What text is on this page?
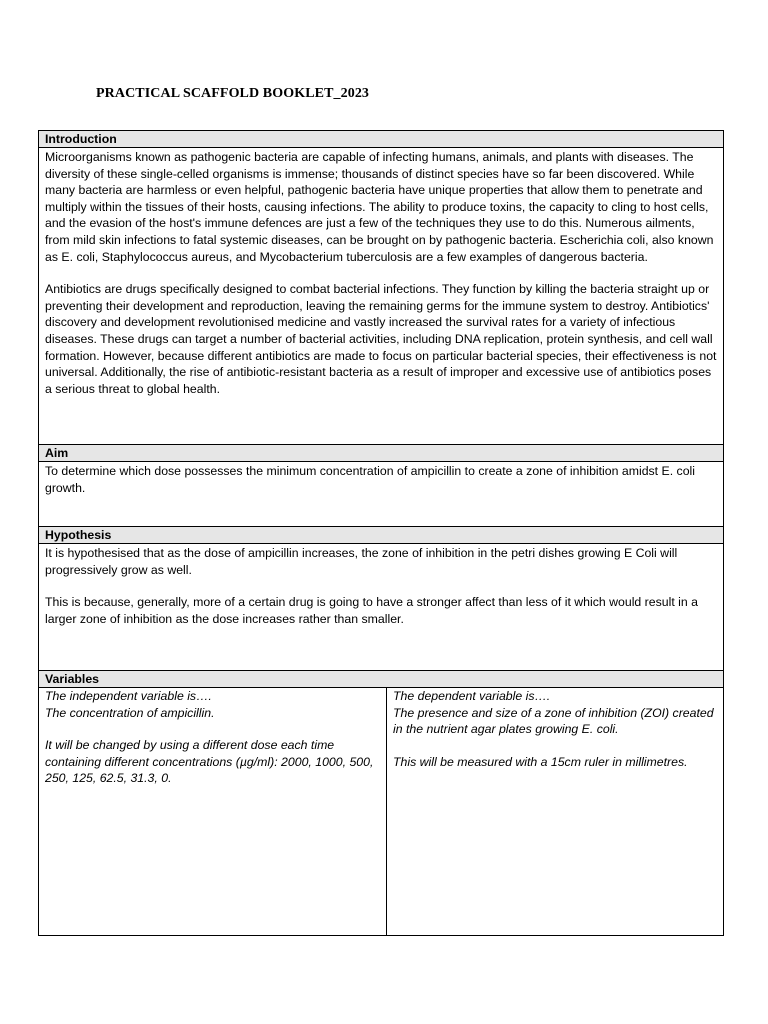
PRACTICAL SCAFFOLD BOOKLET_2023
Introduction

Microorganisms known as pathogenic bacteria are capable of infecting humans, animals, and plants with diseases. The diversity of these single-celled organisms is immense; thousands of distinct species have so far been discovered. While many bacteria are harmless or even helpful, pathogenic bacteria have unique properties that allow them to penetrate and multiply within the tissues of their hosts, causing infections. The ability to produce toxins, the capacity to cling to host cells, and the evasion of the host's immune defences are just a few of the techniques they use to do this. Numerous ailments, from mild skin infections to fatal systemic diseases, can be brought on by pathogenic bacteria. Escherichia coli, also known as E. coli, Staphylococcus aureus, and Mycobacterium tuberculosis are a few examples of dangerous bacteria.

Antibiotics are drugs specifically designed to combat bacterial infections. They function by killing the bacteria straight up or preventing their development and reproduction, leaving the remaining germs for the immune system to destroy. Antibiotics' discovery and development revolutionised medicine and vastly increased the survival rates for a variety of infectious diseases. These drugs can target a number of bacterial activities, including DNA replication, protein synthesis, and cell wall formation. However, because different antibiotics are made to focus on particular bacterial species, their effectiveness is not universal. Additionally, the rise of antibiotic-resistant bacteria as a result of improper and excessive use of antibiotics poses a serious threat to global health.

Aim

To determine which dose possesses the minimum concentration of ampicillin to create a zone of inhibition amidst E. coli growth.

Hypothesis

It is hypothesised that as the dose of ampicillin increases, the zone of inhibition in the petri dishes growing E Coli will progressively grow as well.

This is because, generally, more of a certain drug is going to have a stronger affect than less of it which would result in a larger zone of inhibition as the dose increases rather than smaller.

Variables
The independent variable is….
The concentration of ampicillin.
It will be changed by using a different dose each time containing different concentrations (µg/ml): 2000, 1000, 500, 250, 125, 62.5, 31.3, 0.
The dependent variable is….
The presence and size of a zone of inhibition (ZOI) created in the nutrient agar plates growing E. coli.
This will be measured with a 15cm ruler in millimetres.
